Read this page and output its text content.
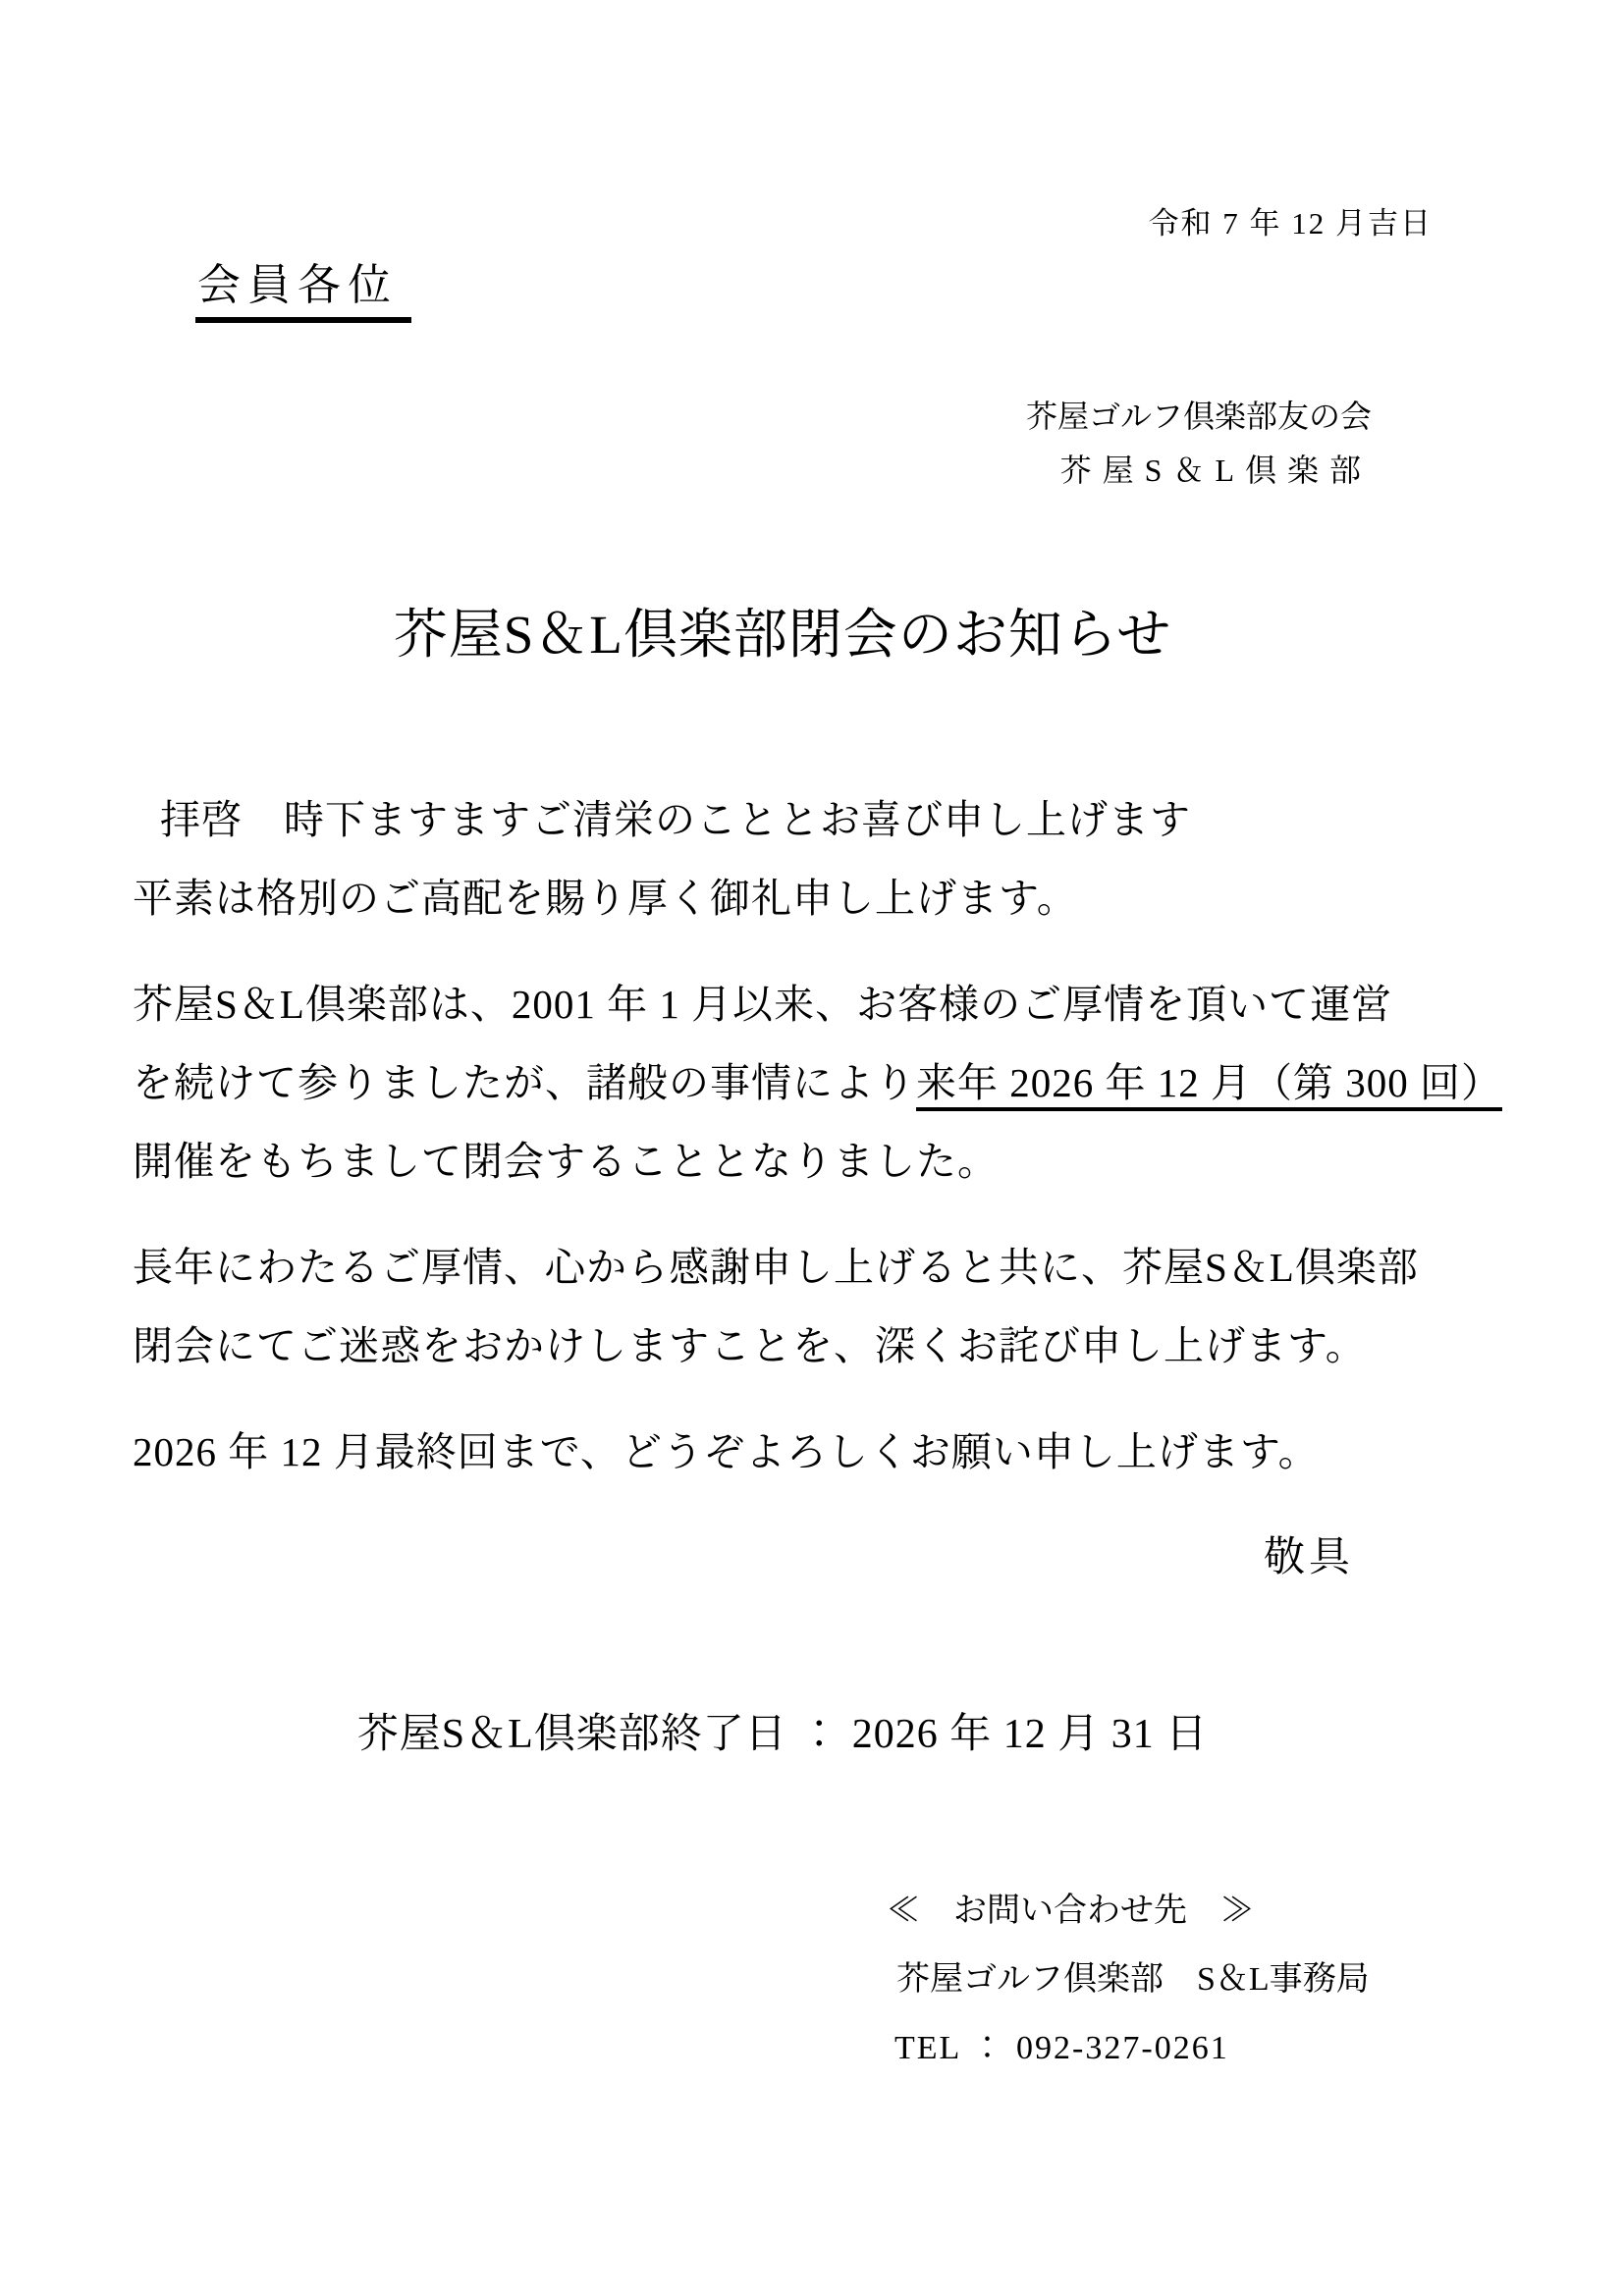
令和 7 年 12 月吉日
会員各位
芥屋ゴルフ倶楽部友の会
芥屋S＆L倶楽部
芥屋S＆L倶楽部閉会のお知らせ
拝啓　時下ますますご清栄のこととお喜び申し上げます
平素は格別のご高配を賜り厚く御礼申し上げます。
芥屋S＆L倶楽部は、2001 年 1 月以来、お客様のご厚情を頂いて運営
を続けて参りましたが、諸般の事情により来年 2026 年 12 月（第 300 回）
開催をもちまして閉会することとなりました。
長年にわたるご厚情、心から感謝申し上げると共に、芥屋S＆L倶楽部
閉会にてご迷惑をおかけしますことを、深くお詫び申し上げます。
2026 年 12 月最終回まで、どうぞよろしくお願い申し上げます。
敬具
芥屋S＆L倶楽部終了日 ： 2026 年 12 月 31 日
≪　お問い合わせ先　≫
芥屋ゴルフ倶楽部　S＆L事務局
TEL ： 092-327-0261
